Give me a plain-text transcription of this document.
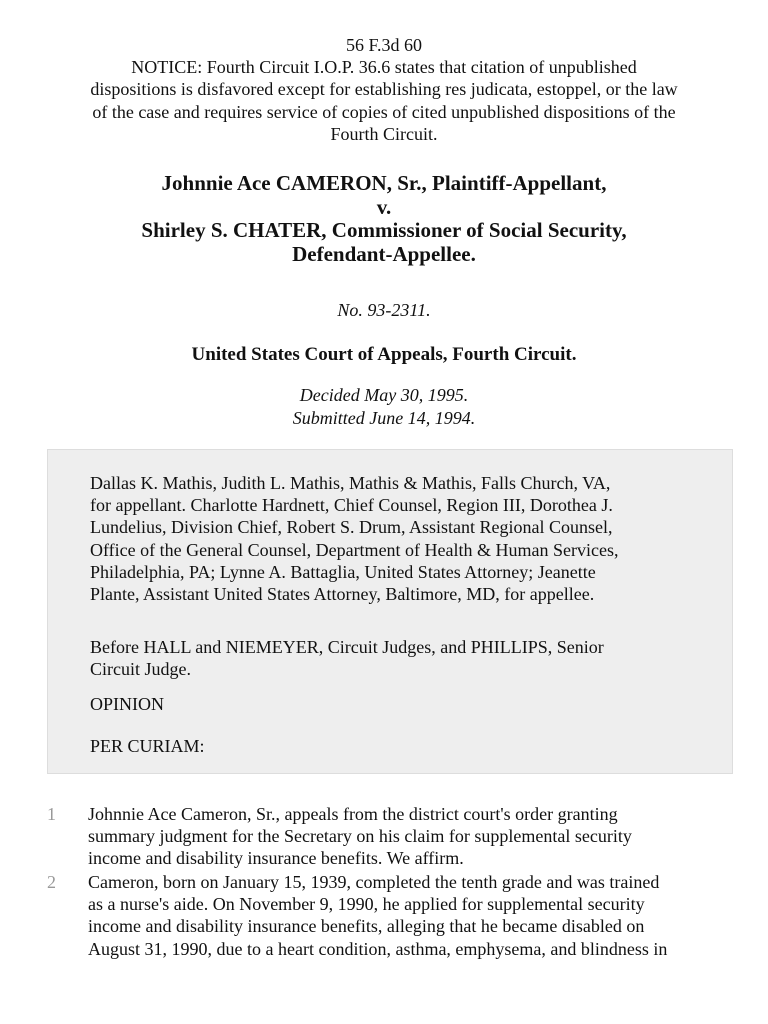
56 F.3d 60
NOTICE: Fourth Circuit I.O.P. 36.6 states that citation of unpublished
dispositions is disfavored except for establishing res judicata, estoppel, or the law
of the case and requires service of copies of cited unpublished dispositions of the
Fourth Circuit.
Johnnie Ace CAMERON, Sr., Plaintiff-Appellant,
v.
Shirley S. CHATER, Commissioner of Social Security,
Defendant-Appellee.
No. 93-2311.
United States Court of Appeals, Fourth Circuit.
Decided May 30, 1995.
Submitted June 14, 1994.
Dallas K. Mathis, Judith L. Mathis, Mathis & Mathis, Falls Church, VA,
for appellant. Charlotte Hardnett, Chief Counsel, Region III, Dorothea J.
Lundelius, Division Chief, Robert S. Drum, Assistant Regional Counsel,
Office of the General Counsel, Department of Health & Human Services,
Philadelphia, PA; Lynne A. Battaglia, United States Attorney; Jeanette
Plante, Assistant United States Attorney, Baltimore, MD, for appellee.
Before HALL and NIEMEYER, Circuit Judges, and PHILLIPS, Senior
Circuit Judge.
OPINION
PER CURIAM:
1 Johnnie Ace Cameron, Sr., appeals from the district court's order granting
summary judgment for the Secretary on his claim for supplemental security
income and disability insurance benefits. We affirm.
2 Cameron, born on January 15, 1939, completed the tenth grade and was trained
as a nurse's aide. On November 9, 1990, he applied for supplemental security
income and disability insurance benefits, alleging that he became disabled on
August 31, 1990, due to a heart condition, asthma, emphysema, and blindness in
